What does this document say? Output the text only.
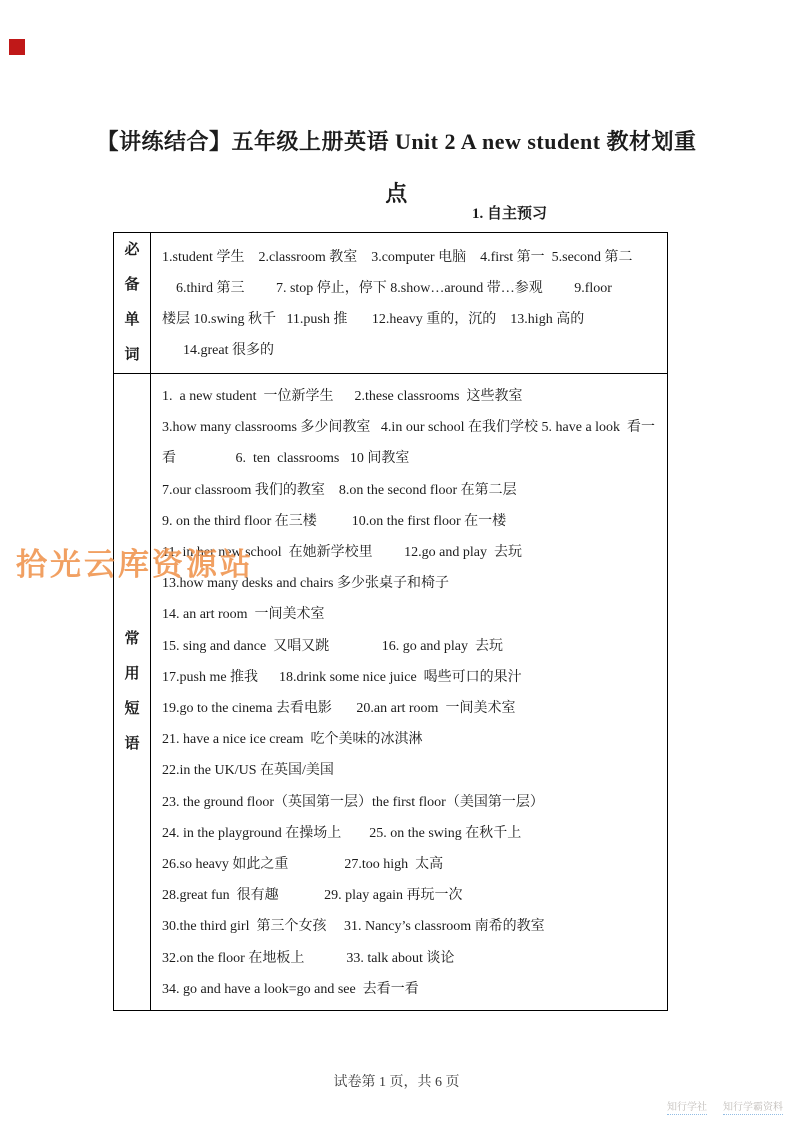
【讲练结合】五年级上册英语 Unit 2 A new student 教材划重
点
1. 自主预习
必
备
单
词

1.student 学生    2.classroom 教室    3.computer 电脑    4.first 第一  5.second 第二
6.third 第三         7. stop 停止，停下 8.show…around 带…参观         9.floor
楼层 10.swing 秋千   11.push 推       12.heavy 重的，沉的    13.high 高的
14.great 很多的

常
用
短
语

1.  a new student  一位新学生      2.these classrooms  这些教室
3.how many classrooms 多少间教室   4.in our school 在我们学校 5. have a look  看一
看                 6.  ten  classrooms   10 间教室
7.our classroom 我们的教室    8.on the second floor 在第二层
9. on the third floor 在三楼          10.on the first floor 在一楼
11. in her new school  在她新学校里         12.go and play  去玩
13.how many desks and chairs 多少张桌子和椅子
14. an art room  一间美术室
15. sing and dance  又唱又跳               16. go and play  去玩
17.push me 推我      18.drink some nice juice  喝些可口的果汁
19.go to the cinema 去看电影       20.an art room  一间美术室
21. have a nice ice cream  吃个美味的冰淇淋
22.in the UK/US 在英国/美国
23. the ground floor（英国第一层）the first floor（美国第一层）
24. in the playground 在操场上        25. on the swing 在秋千上
26.so heavy 如此之重                27.too high  太高
28.great fun  很有趣             29. play again 再玩一次
30.the third girl  第三个女孩     31. Nancy’s classroom 南希的教室
32.on the floor 在地板上            33. talk about 谈论
34. go and have a look=go and see  去看一看
拾光云库资源站
试卷第 1 页，共 6 页
知行学社 知行学霸资料
